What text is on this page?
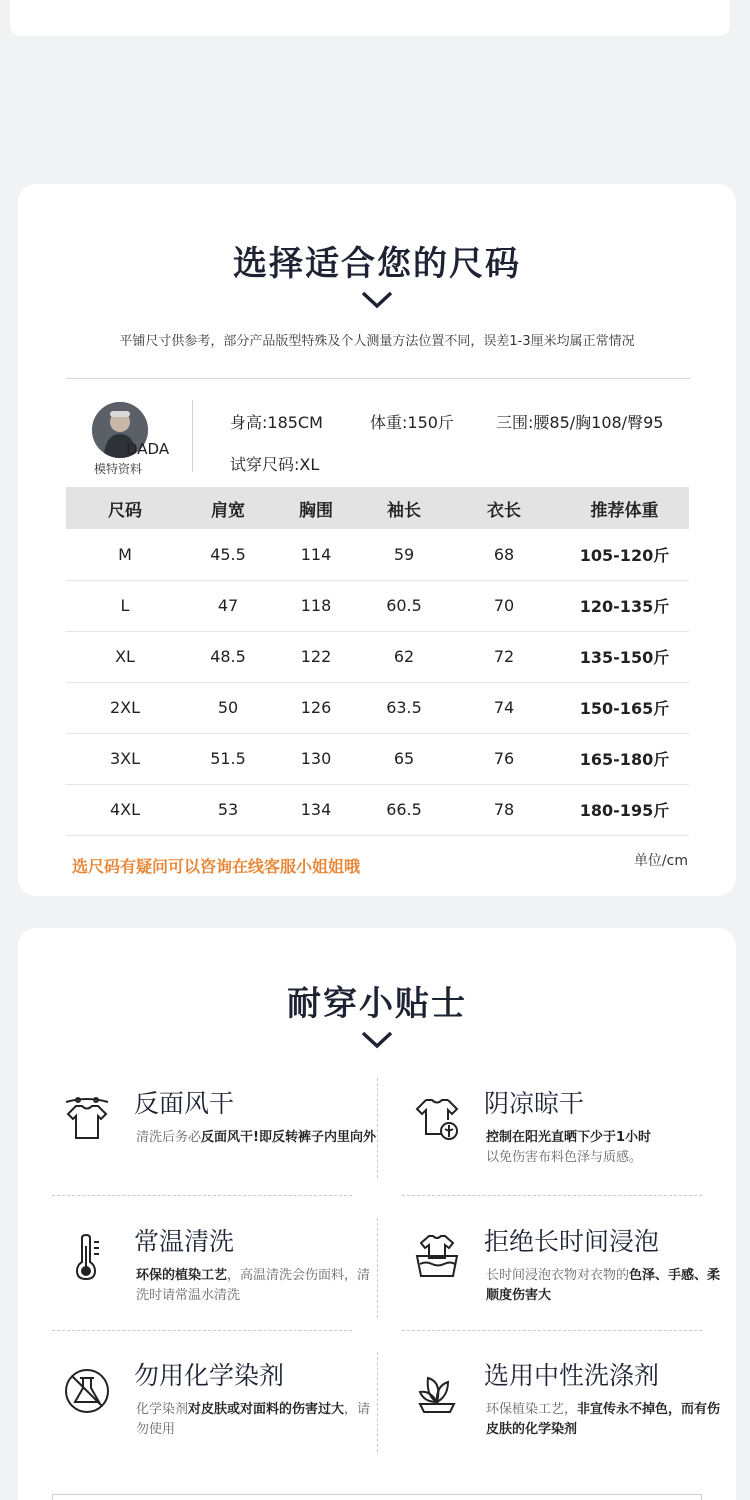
选择适合您的尺码

平铺尺寸供参考，部分产品版型特殊及个人测量方法位置不同，误差1-3厘米均属正常情况

DADA
模特资料
身高:185CM	体重:150斤	三围:腰85/胸108/臀95
试穿尺码:XL
尺码	肩宽	胸围	袖长	衣长	推荐体重
M	45.5	114	59	68	105-120斤
L	47	118	60.5	70	120-135斤
XL	48.5	122	62	72	135-150斤
2XL	50	126	63.5	74	150-165斤
3XL	51.5	130	65	76	165-180斤
4XL	53	134	66.5	78	180-195斤

选尺码有疑问可以咨询在线客服小姐姐哦	单位/cm

耐穿小贴士
反面风干
清洗后务必反面风干!即反转裤子内里向外
阴凉晾干
控制在阳光直晒下少于1小时
以免伤害布料色泽与质感。
常温清洗
环保的植染工艺，高温清洗会伤面料，清洗时请常温水清洗
拒绝长时间浸泡
长时间浸泡衣物对衣物的色泽、手感、柔顺度伤害大
勿用化学染剂
化学染剂对皮肤或对面料的伤害过大，请勿使用
选用中性洗涤剂
环保植染工艺，非宣传永不掉色，而有伤皮肤的化学染剂
